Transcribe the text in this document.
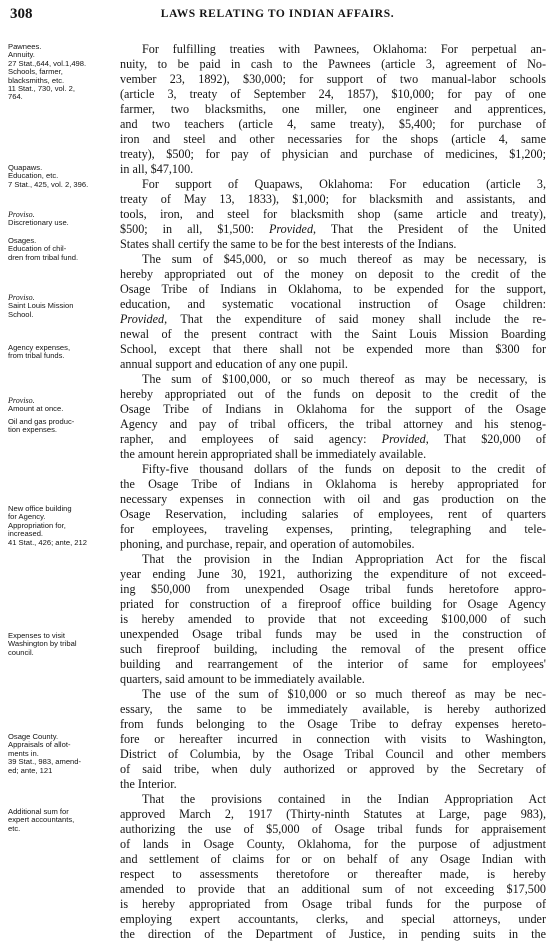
308	LAWS RELATING TO INDIAN AFFAIRS.
Pawnees.
Annuity.
27 Stat.,644, vol.1,498.
Schools, farmer,
blacksmiths, etc.
11 Stat., 730, vol. 2,
764.
Quapaws.
Education, etc.
7 Stat., 425, vol. 2, 396.
Proviso.
Discretionary use.
Osages.
Education of chil-
dren from tribal fund.
Proviso.
Saint Louis Mission
School.
Agency expenses,
from tribal funds.
Proviso.
Amount at once.
Oil and gas produc-
tion expenses.
New office building
for Agency.
Appropriation for,
increased.
41 Stat., 426; ante, 212
Expenses to visit
Washington by tribal
council.
Osage County.
Appraisals of allot-
ments in.
39 Stat., 983, amend-
ed; ante, 121
Additional sum for
expert accountants,
etc.
For fulfilling treaties with Pawnees, Oklahoma: For perpetual an-
nuity, to be paid in cash to the Pawnees (article 3, agreement of No-
vember 23, 1892), $30,000; for support of two manual-labor schools
(article 3, treaty of September 24, 1857), $10,000; for pay of one
farmer, two blacksmiths, one miller, one engineer and apprentices,
and two teachers (article 4, same treaty), $5,400; for purchase of
iron and steel and other necessaries for the shops (article 4, same
treaty), $500; for pay of physician and purchase of medicines, $1,200;
in all, $47,100.
For support of Quapaws, Oklahoma: For education (article 3,
treaty of May 13, 1833), $1,000; for blacksmith and assistants, and
tools, iron, and steel for blacksmith shop (same article and treaty),
$500; in all, $1,500: Provided, That the President of the United
States shall certify the same to be for the best interests of the Indians.
The sum of $45,000, or so much thereof as may be necessary, is
hereby appropriated out of the money on deposit to the credit of the
Osage Tribe of Indians in Oklahoma, to be expended for the support,
education, and systematic vocational instruction of Osage children:
Provided, That the expenditure of said money shall include the re-
newal of the present contract with the Saint Louis Mission Boarding
School, except that there shall not be expended more than $300 for
annual support and education of any one pupil.
The sum of $100,000, or so much thereof as may be necessary, is
hereby appropriated out of the funds on deposit to the credit of the
Osage Tribe of Indians in Oklahoma for the support of the Osage
Agency and pay of tribal officers, the tribal attorney and his stenog-
rapher, and employees of said agency: Provided, That $20,000 of
the amount herein appropriated shall be immediately available.
Fifty-five thousand dollars of the funds on deposit to the credit of
the Osage Tribe of Indians in Oklahoma is hereby appropriated for
necessary expenses in connection with oil and gas production on the
Osage Reservation, including salaries of employees, rent of quarters
for employees, traveling expenses, printing, telegraphing and tele-
phoning, and purchase, repair, and operation of automobiles.
That the provision in the Indian Appropriation Act for the fiscal
year ending June 30, 1921, authorizing the expenditure of not exceed-
ing $50,000 from unexpended Osage tribal funds heretofore appro-
priated for construction of a fireproof office building for Osage Agency
is hereby amended to provide that not exceeding $100,000 of such
unexpended Osage tribal funds may be used in the construction of
such fireproof building, including the removal of the present office
building and rearrangement of the interior of same for employees'
quarters, said amount to be immediately available.
The use of the sum of $10,000 or so much thereof as may be nec-
essary, the same to be immediately available, is hereby authorized
from funds belonging to the Osage Tribe to defray expenses hereto-
fore or hereafter incurred in connection with visits to Washington,
District of Columbia, by the Osage Tribal Council and other members
of said tribe, when duly authorized or approved by the Secretary of
the Interior.
That the provisions contained in the Indian Appropriation Act
approved March 2, 1917 (Thirty-ninth Statutes at Large, page 983),
authorizing the use of $5,000 of Osage tribal funds for appraisement
of lands in Osage County, Oklahoma, for the purpose of adjustment
and settlement of claims for or on behalf of any Osage Indian with
respect to assessments theretofore or thereafter made, is hereby
amended to provide that an additional sum of not exceeding $17,500
is hereby appropriated from Osage tribal funds for the purpose of
employing expert accountants, clerks, and special attorneys, under
the direction of the Department of Justice, in pending suits in the
